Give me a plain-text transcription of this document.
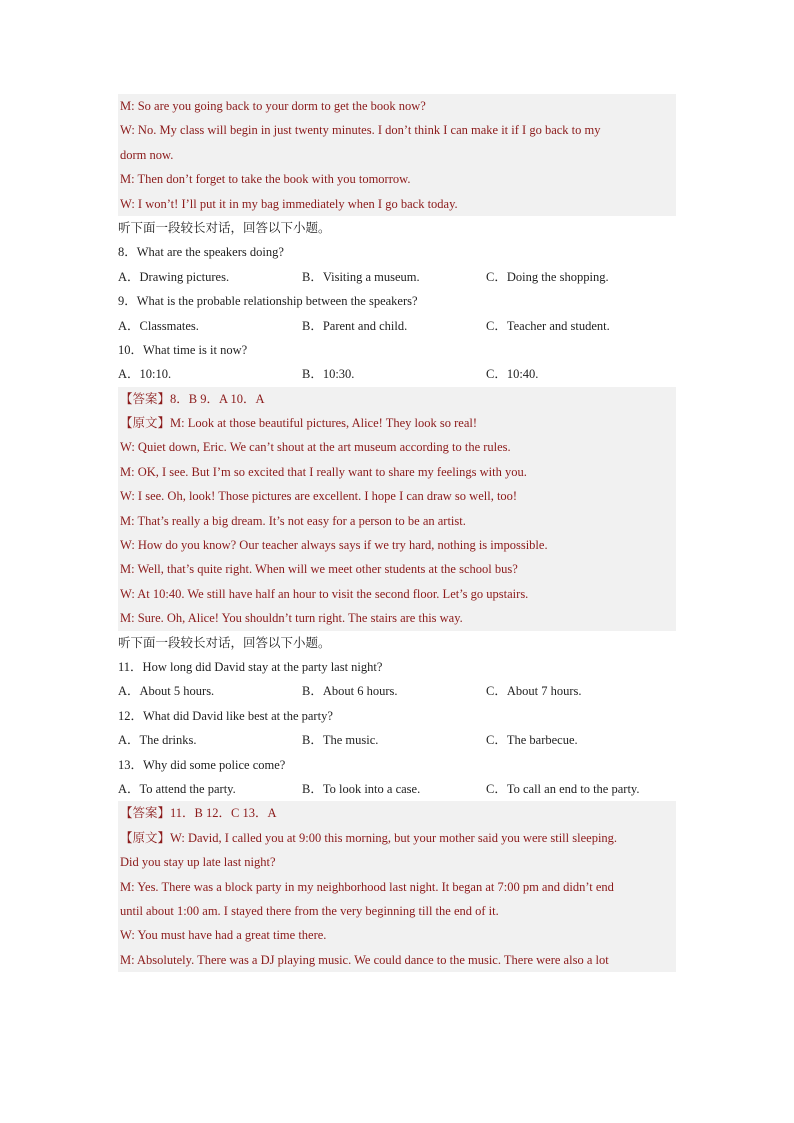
M: So are you going back to your dorm to get the book now?
W: No. My class will begin in just twenty minutes. I don’t think I can make it if I go back to my
dorm now.
M: Then don’t forget to take the book with you tomorrow.
W: I won’t! I’ll put it in my bag immediately when I go back today.
听下面一段较长对话，回答以下小题。
8．What are the speakers doing?
A．Drawing pictures.	B．Visiting a museum.	C．Doing the shopping.
9．What is the probable relationship between the speakers?
A．Classmates.	B．Parent and child.	C．Teacher and student.
10．What time is it now?
A．10:10.	B．10:30.	C．10:40.
【答案】8．B 9．A 10．A
【原文】M: Look at those beautiful pictures, Alice! They look so real!
W: Quiet down, Eric. We can’t shout at the art museum according to the rules.
M: OK, I see. But I’m so excited that I really want to share my feelings with you.
W: I see. Oh, look! Those pictures are excellent. I hope I can draw so well, too!
M: That’s really a big dream. It’s not easy for a person to be an artist.
W: How do you know? Our teacher always says if we try hard, nothing is impossible.
M: Well, that’s quite right. When will we meet other students at the school bus?
W: At 10:40. We still have half an hour to visit the second floor. Let’s go upstairs.
M: Sure. Oh, Alice! You shouldn’t turn right. The stairs are this way.
听下面一段较长对话，回答以下小题。
11．How long did David stay at the party last night?
A．About 5 hours.	B．About 6 hours.	C．About 7 hours.
12．What did David like best at the party?
A．The drinks.	B．The music.	C．The barbecue.
13．Why did some police come?
A．To attend the party.	B．To look into a case.	C．To call an end to the party.
【答案】11．B 12．C 13．A
【原文】W: David, I called you at 9:00 this morning, but your mother said you were still sleeping.
Did you stay up late last night?
M: Yes. There was a block party in my neighborhood last night. It began at 7:00 pm and didn’t end
until about 1:00 am. I stayed there from the very beginning till the end of it.
W: You must have had a great time there.
M: Absolutely. There was a DJ playing music. We could dance to the music. There were also a lot
